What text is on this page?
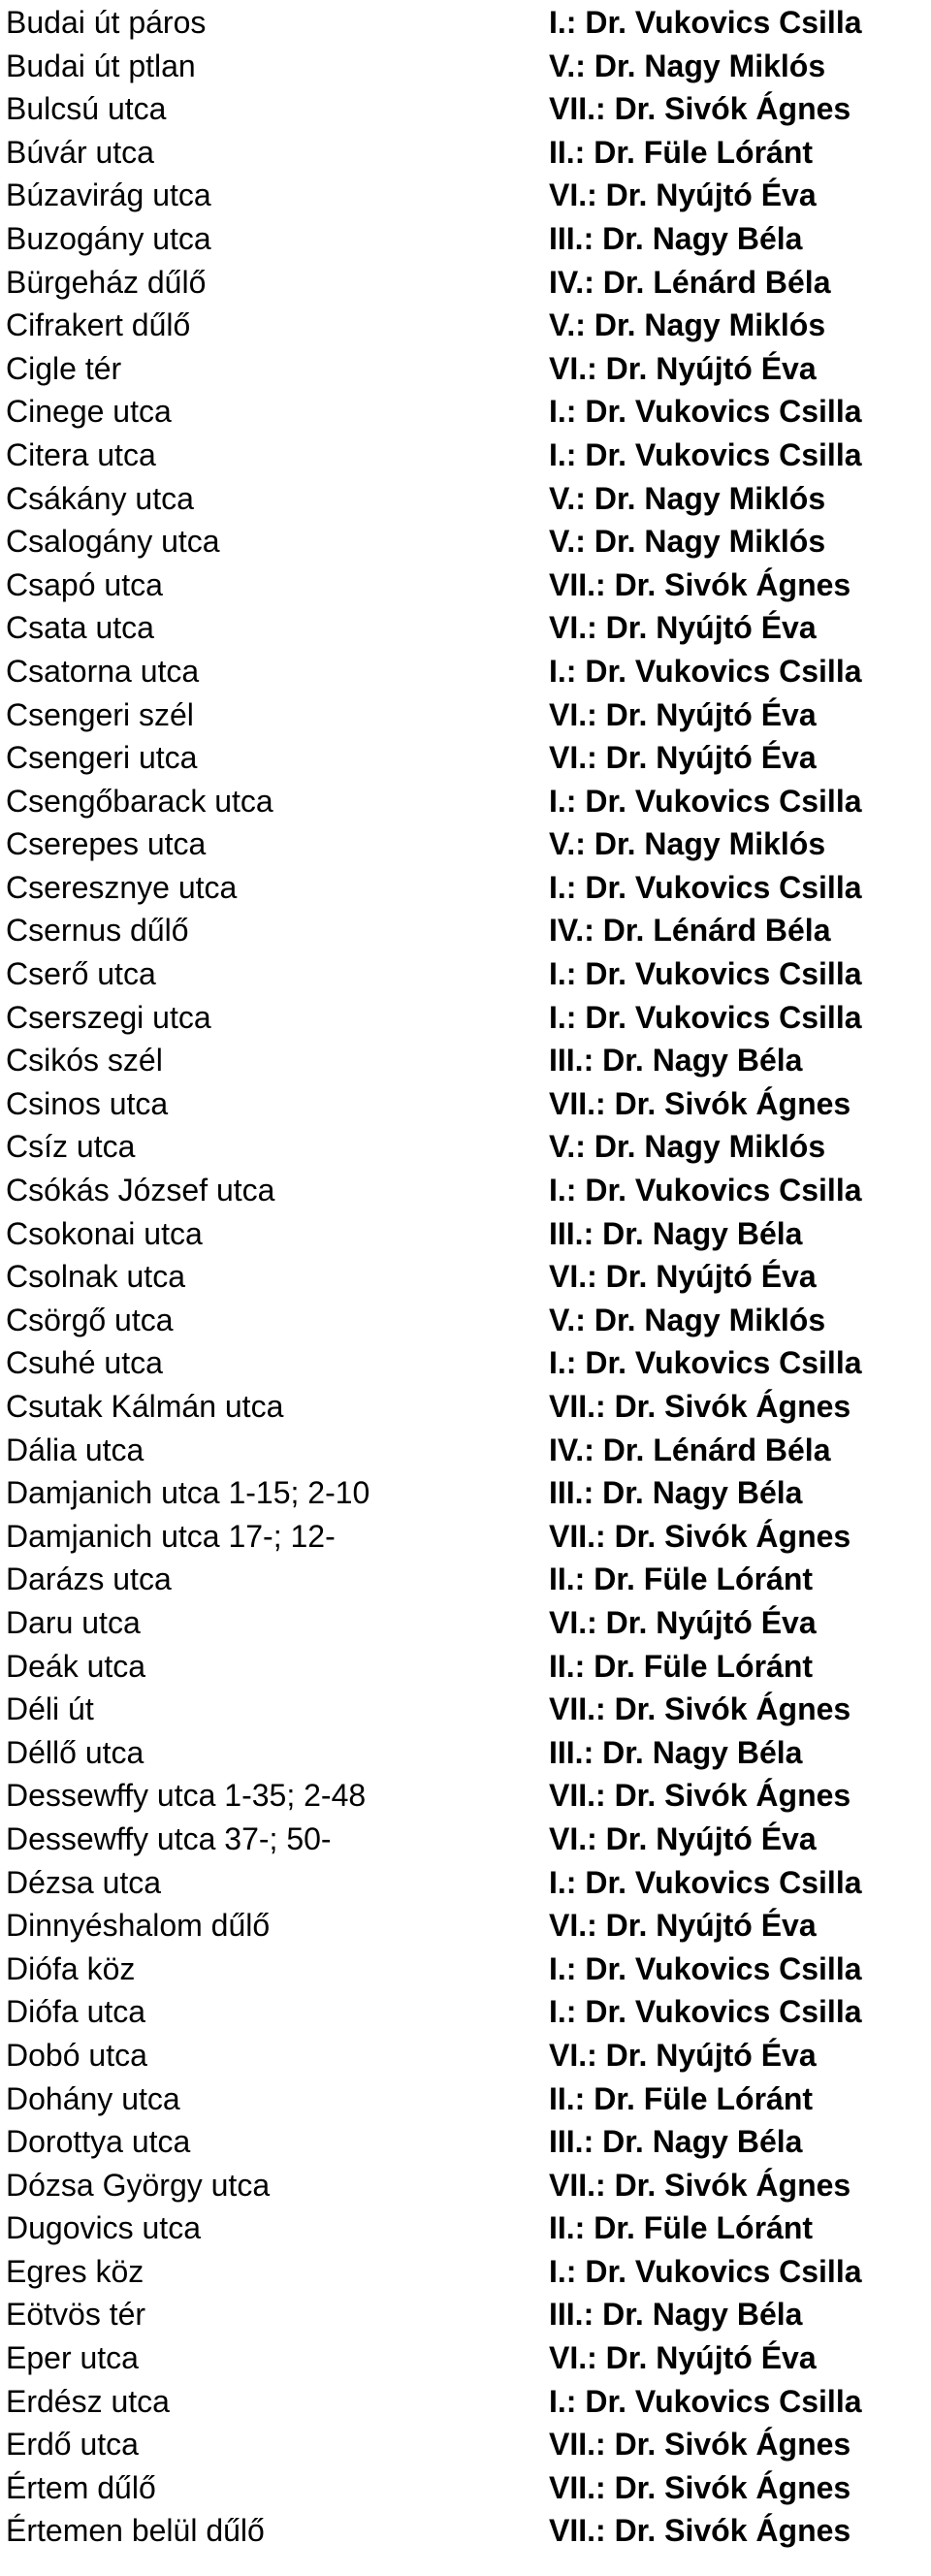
Budai út páros	I.: Dr. Vukovics Csilla
Budai út ptlan	V.: Dr. Nagy Miklós
Bulcsú utca	VII.: Dr. Sivók Ágnes
Búvár utca	II.: Dr. Füle Lóránt
Búzavirág utca	VI.: Dr. Nyújtó Éva
Buzogány utca	III.: Dr. Nagy Béla
Bürgeház dűlő	IV.: Dr. Lénárd Béla
Cifrakert dűlő	V.: Dr. Nagy Miklós
Cigle tér	VI.: Dr. Nyújtó Éva
Cinege utca	I.: Dr. Vukovics Csilla
Citera utca	I.: Dr. Vukovics Csilla
Csákány utca	V.: Dr. Nagy Miklós
Csalogány utca	V.: Dr. Nagy Miklós
Csapó utca	VII.: Dr. Sivók Ágnes
Csata utca	VI.: Dr. Nyújtó Éva
Csatorna utca	I.: Dr. Vukovics Csilla
Csengeri szél	VI.: Dr. Nyújtó Éva
Csengeri utca	VI.: Dr. Nyújtó Éva
Csengőbarack utca	I.: Dr. Vukovics Csilla
Cserepes utca	V.: Dr. Nagy Miklós
Cseresznye utca	I.: Dr. Vukovics Csilla
Csernus dűlő	IV.: Dr. Lénárd Béla
Cserő utca	I.: Dr. Vukovics Csilla
Cserszegi utca	I.: Dr. Vukovics Csilla
Csikós szél	III.: Dr. Nagy Béla
Csinos utca	VII.: Dr. Sivók Ágnes
Csíz utca	V.: Dr. Nagy Miklós
Csókás József utca	I.: Dr. Vukovics Csilla
Csokonai utca	III.: Dr. Nagy Béla
Csolnak utca	VI.: Dr. Nyújtó Éva
Csörgő utca	V.: Dr. Nagy Miklós
Csuhé utca	I.: Dr. Vukovics Csilla
Csutak Kálmán utca	VII.: Dr. Sivók Ágnes
Dália utca	IV.: Dr. Lénárd Béla
Damjanich utca 1-15; 2-10	III.: Dr. Nagy Béla
Damjanich utca 17-; 12-	VII.: Dr. Sivók Ágnes
Darázs utca	II.: Dr. Füle Lóránt
Daru utca	VI.: Dr. Nyújtó Éva
Deák utca	II.: Dr. Füle Lóránt
Déli út	VII.: Dr. Sivók Ágnes
Déllő utca	III.: Dr. Nagy Béla
Dessewffy utca 1-35; 2-48	VII.: Dr. Sivók Ágnes
Dessewffy utca 37-; 50-	VI.: Dr. Nyújtó Éva
Dézsa utca	I.: Dr. Vukovics Csilla
Dinnyéshalom dűlő	VI.: Dr. Nyújtó Éva
Diófa köz	I.: Dr. Vukovics Csilla
Diófa utca	I.: Dr. Vukovics Csilla
Dobó utca	VI.: Dr. Nyújtó Éva
Dohány utca	II.: Dr. Füle Lóránt
Dorottya utca	III.: Dr. Nagy Béla
Dózsa György utca	VII.: Dr. Sivók Ágnes
Dugovics utca	II.: Dr. Füle Lóránt
Egres köz	I.: Dr. Vukovics Csilla
Eötvös tér	III.: Dr. Nagy Béla
Eper utca	VI.: Dr. Nyújtó Éva
Erdész utca	I.: Dr. Vukovics Csilla
Erdő utca	VII.: Dr. Sivók Ágnes
Értem dűlő	VII.: Dr. Sivók Ágnes
Értemen belül dűlő	VII.: Dr. Sivók Ágnes
